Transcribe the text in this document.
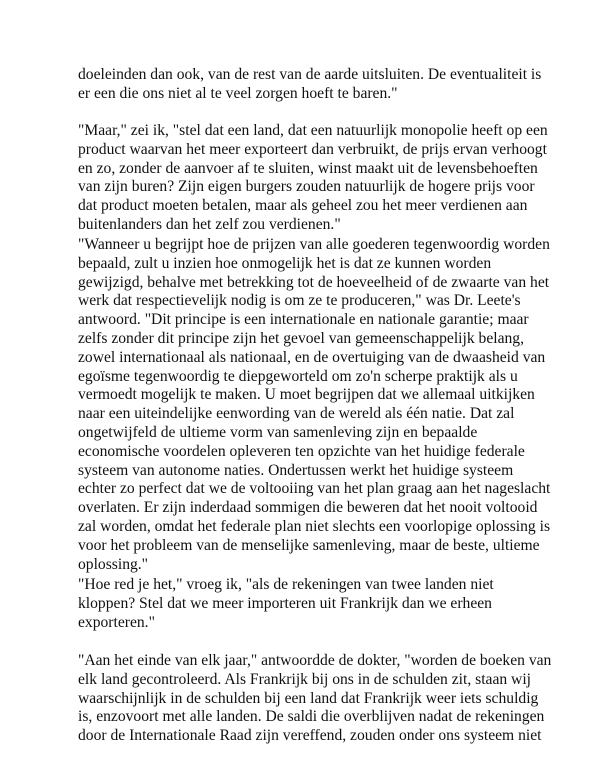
doeleinden dan ook, van de rest van de aarde uitsluiten. De eventualiteit is
er een die ons niet al te veel zorgen hoeft te baren."

"Maar," zei ik, "stel dat een land, dat een natuurlijk monopolie heeft op een
product waarvan het meer exporteert dan verbruikt, de prijs ervan verhoogt
en zo, zonder de aanvoer af te sluiten, winst maakt uit de levensbehoeften
van zijn buren? Zijn eigen burgers zouden natuurlijk de hogere prijs voor
dat product moeten betalen, maar als geheel zou het meer verdienen aan
buitenlanders dan het zelf zou verdienen."

"Wanneer u begrijpt hoe de prijzen van alle goederen tegenwoordig worden
bepaald, zult u inzien hoe onmogelijk het is dat ze kunnen worden
gewijzigd, behalve met betrekking tot de hoeveelheid of de zwaarte van het
werk dat respectievelijk nodig is om ze te produceren," was Dr. Leete's
antwoord. "Dit principe is een internationale en nationale garantie; maar
zelfs zonder dit principe zijn het gevoel van gemeenschappelijk belang,
zowel internationaal als nationaal, en de overtuiging van de dwaasheid van
egoïsme tegenwoordig te diepgeworteld om zo'n scherpe praktijk als u
vermoedt mogelijk te maken. U moet begrijpen dat we allemaal uitkijken
naar een uiteindelijke eenwording van de wereld als één natie. Dat zal
ongetwijfeld de ultieme vorm van samenleving zijn en bepaalde
economische voordelen opleveren ten opzichte van het huidige federale
systeem van autonome naties. Ondertussen werkt het huidige systeem
echter zo perfect dat we de voltooiing van het plan graag aan het nageslacht
overlaten. Er zijn inderdaad sommigen die beweren dat het nooit voltooid
zal worden, omdat het federale plan niet slechts een voorlopige oplossing is
voor het probleem van de menselijke samenleving, maar de beste, ultieme
oplossing."

"Hoe red je het," vroeg ik, "als de rekeningen van twee landen niet
kloppen? Stel dat we meer importeren uit Frankrijk dan we erheen
exporteren."

"Aan het einde van elk jaar," antwoordde de dokter, "worden de boeken van
elk land gecontroleerd. Als Frankrijk bij ons in de schulden zit, staan wij
waarschijnlijk in de schulden bij een land dat Frankrijk weer iets schuldig
is, enzovoort met alle landen. De saldi die overblijven nadat de rekeningen
door de Internationale Raad zijn vereffend, zouden onder ons systeem niet
